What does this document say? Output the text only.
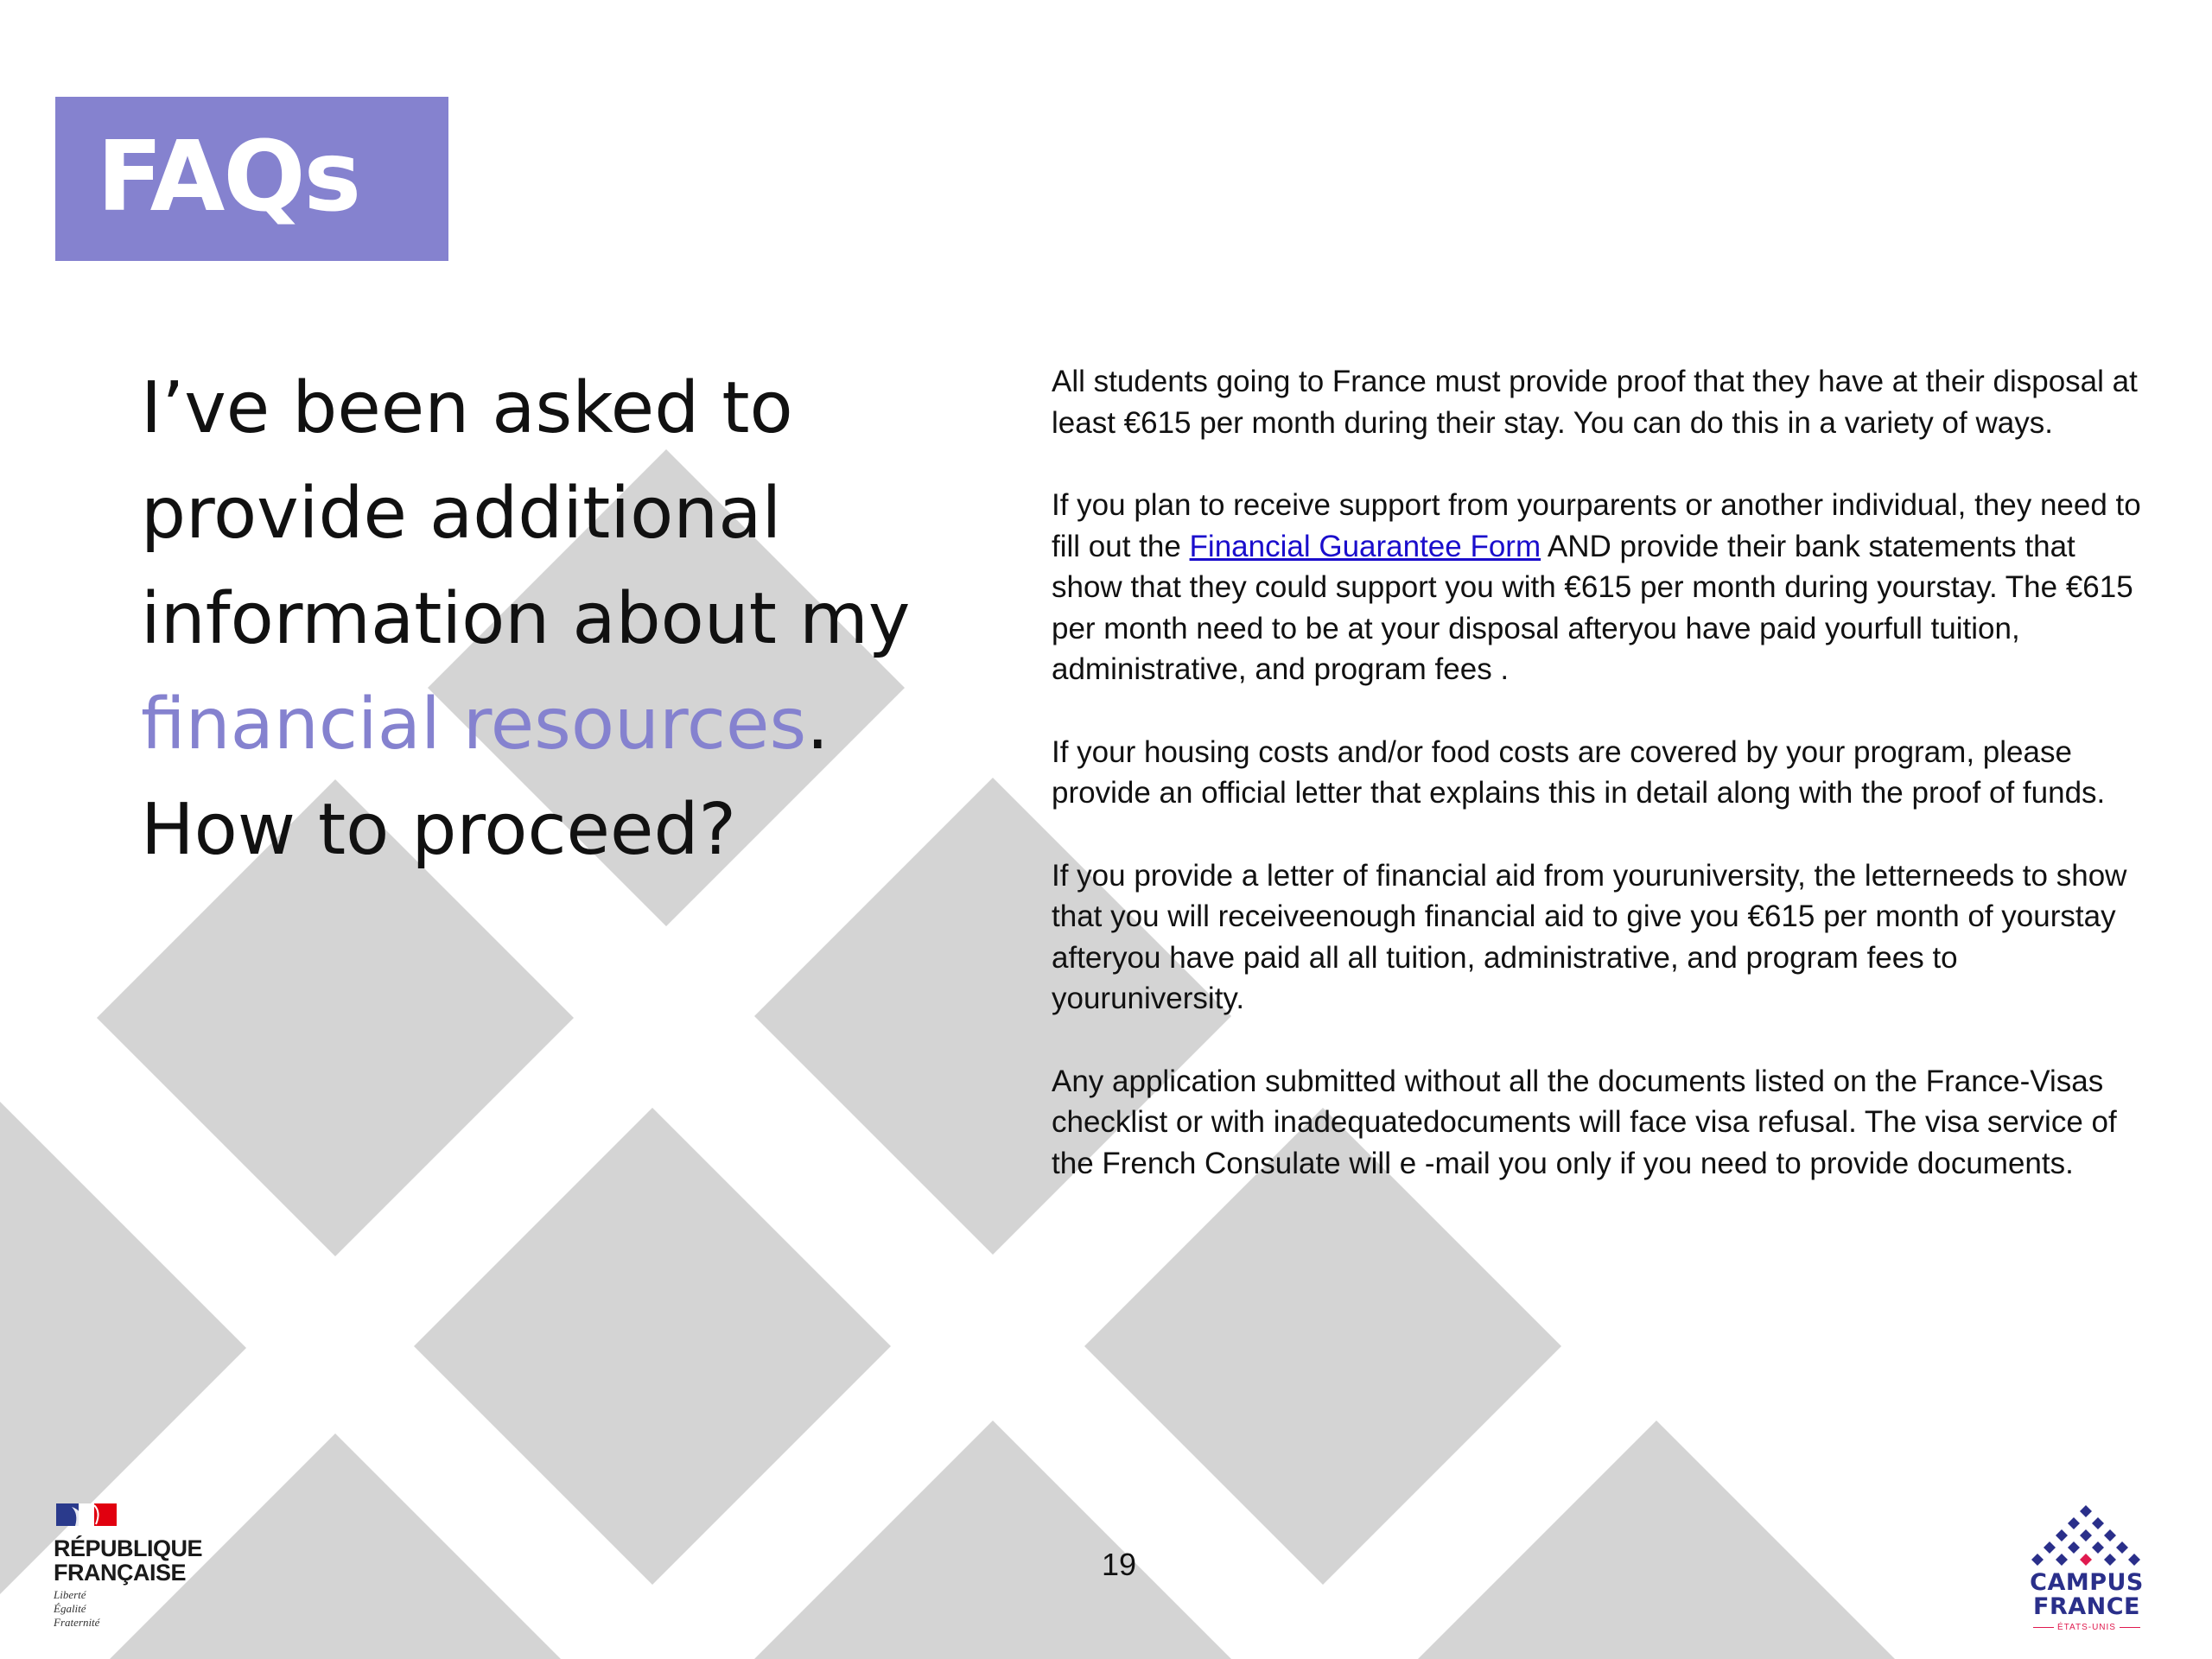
FAQs
I’ve been asked to
provide additional
information about my
financial resources.
How to proceed?

All students going to France must provide proof that they have at their disposal at least €615 per month during their stay. You can do this in a variety of ways.

If you plan to receive support from yourparents or another individual, they need to fill out the Financial Guarantee Form AND provide their bank statements that show that they could support you with €615 per month during yourstay. The €615 per month need to be at your disposal afteryou have paid yourfull tuition, administrative, and program fees .

If your housing costs and/or food costs are covered by your program, please provide an official letter that explains this in detail along with the proof of funds.

If you provide a letter of financial aid from youruniversity, the letterneeds to show that you will receiveenough financial aid to give you €615 per month of yourstay afteryou have paid all all tuition, administrative, and program fees to youruniversity.

Any application submitted without all the documents listed on the France-Visas checklist or with inadequatedocuments will face visa refusal. The visa service of the French Consulate will e -mail you only if you need to provide documents.

19
RÉPUBLIQUE
FRANÇAISE
Liberté
Égalité
Fraternité
CAMPUS
FRANCE
ÉTATS-UNIS
